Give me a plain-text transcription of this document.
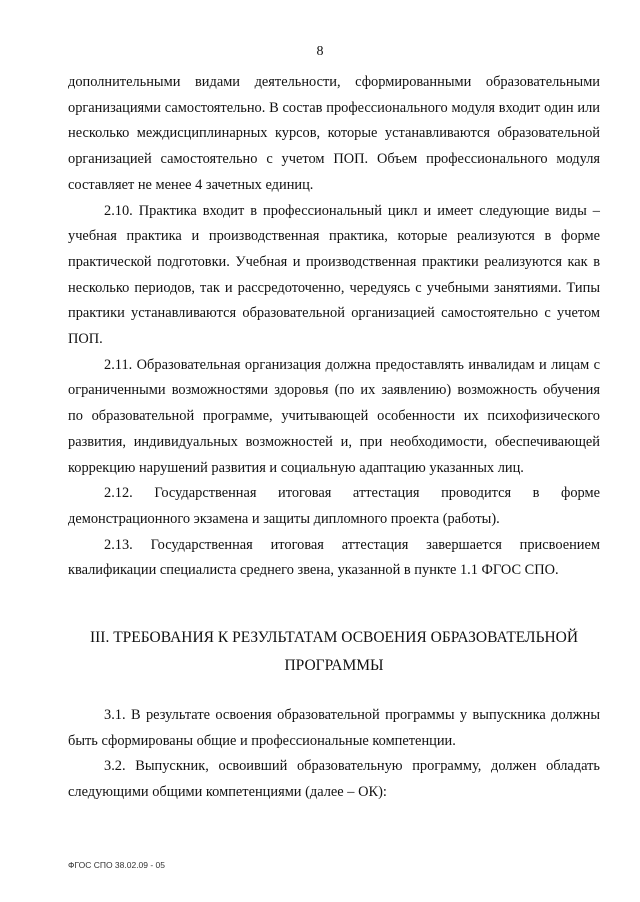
8

дополнительными видами деятельности, сформированными образовательными организациями самостоятельно. В состав профессионального модуля входит один или несколько междисциплинарных курсов, которые устанавливаются образовательной организацией самостоятельно с учетом ПОП. Объем профессионального модуля составляет не менее 4 зачетных единиц.

2.10. Практика входит в профессиональный цикл и имеет следующие виды – учебная практика и производственная практика, которые реализуются в форме практической подготовки. Учебная и производственная практики реализуются как в несколько периодов, так и рассредоточенно, чередуясь с учебными занятиями. Типы практики устанавливаются образовательной организацией самостоятельно с учетом ПОП.

2.11. Образовательная организация должна предоставлять инвалидам и лицам с ограниченными возможностями здоровья (по их заявлению) возможность обучения по образовательной программе, учитывающей особенности их психофизического развития, индивидуальных возможностей и, при необходимости, обеспечивающей коррекцию нарушений развития и социальную адаптацию указанных лиц.

2.12. Государственная итоговая аттестация проводится в форме демонстрационного экзамена и защиты дипломного проекта (работы).

2.13. Государственная итоговая аттестация завершается присвоением квалификации специалиста среднего звена, указанной в пункте 1.1 ФГОС СПО.

III. ТРЕБОВАНИЯ К РЕЗУЛЬТАТАМ ОСВОЕНИЯ ОБРАЗОВАТЕЛЬНОЙ
ПРОГРАММЫ

3.1. В результате освоения образовательной программы у выпускника должны быть сформированы общие и профессиональные компетенции.

3.2. Выпускник, освоивший образовательную программу, должен обладать следующими общими компетенциями (далее – ОК):

ФГОС СПО 38.02.09 - 05
